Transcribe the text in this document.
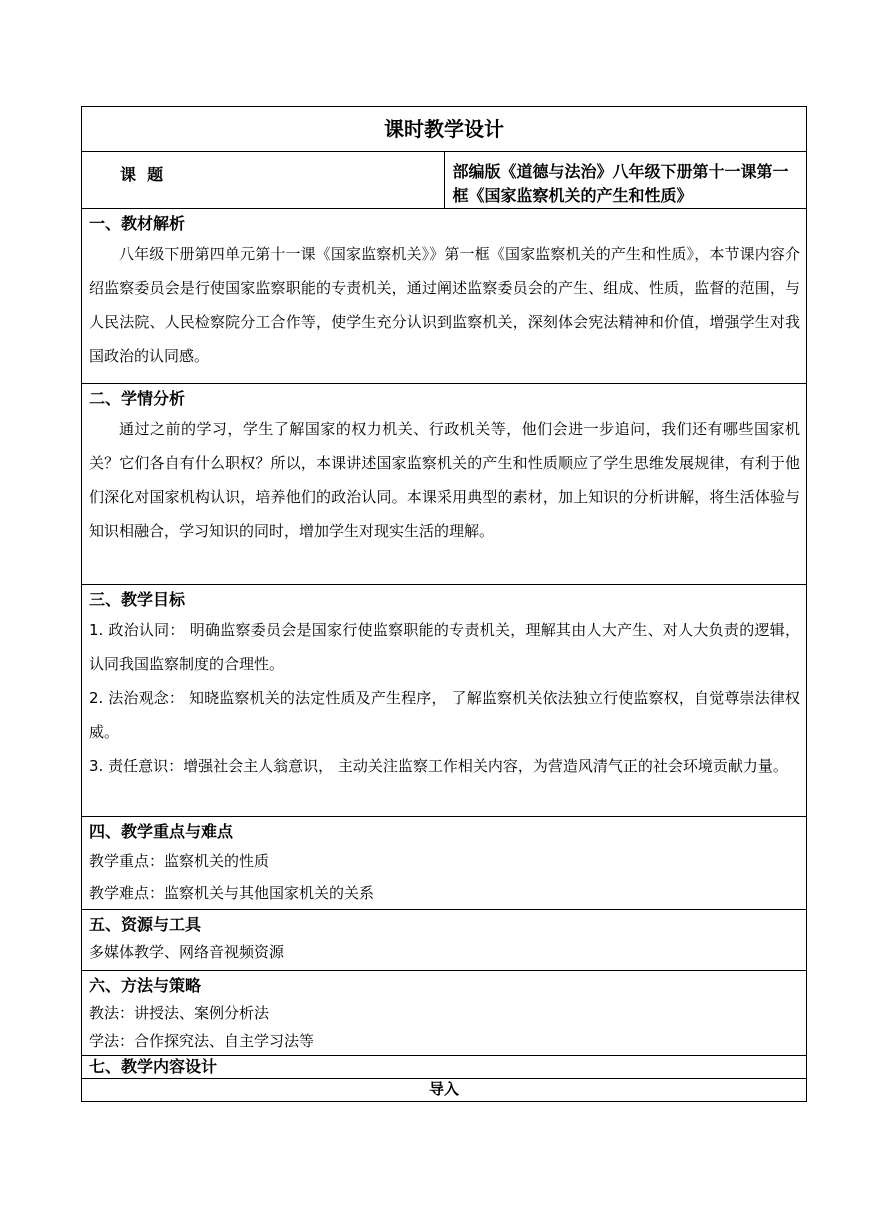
课时教学设计
课  题	部编版《道德与法治》八年级下册第十一课第一框《国家监察机关的产生和性质》

一、教材解析

八年级下册第四单元第十一课《国家监察机关》》第一框《国家监察机关的产生和性质》，本节课内容介绍监察委员会是行使国家监察职能的专责机关，通过阐述监察委员会的产生、组成、性质，监督的范围，与人民法院、人民检察院分工合作等，使学生充分认识到监察机关，深刻体会宪法精神和价值，增强学生对我国政治的认同感。

二、学情分析

通过之前的学习，学生了解国家的权力机关、行政机关等，他们会进一步追问，我们还有哪些国家机关？它们各自有什么职权？所以，本课讲述国家监察机关的产生和性质顺应了学生思维发展规律，有利于他们深化对国家机构认识，培养他们的政治认同。本课采用典型的素材，加上知识的分析讲解，将生活体验与知识相融合，学习知识的同时，增加学生对现实生活的理解。

三、教学目标

1. 政治认同： 明确监察委员会是国家行使监察职能的专责机关，理解其由人大产生、对人大负责的逻辑，认同我国监察制度的合理性。

2. 法治观念： 知晓监察机关的法定性质及产生程序， 了解监察机关依法独立行使监察权，自觉尊崇法律权威。

3. 责任意识：增强社会主人翁意识， 主动关注监察工作相关内容，为营造风清气正的社会环境贡献力量。

四、教学重点与难点

教学重点：监察机关的性质

教学难点：监察机关与其他国家机关的关系

五、资源与工具

多媒体教学、网络音视频资源

六、方法与策略

教法：讲授法、案例分析法

学法：合作探究法、自主学习法等

七、教学内容设计

导入
